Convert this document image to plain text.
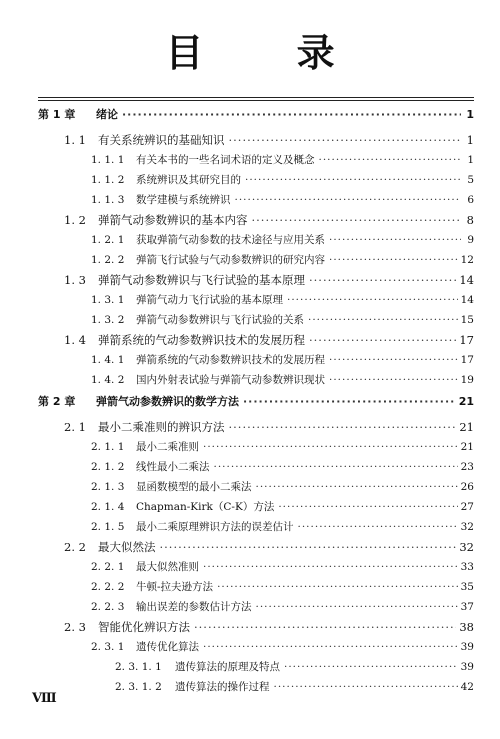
目 录
第 1 章	绪论 ·····	1
1. 1	有关系统辨识的基础知识 ·····	1
1. 1. 1	有关本书的一些名词术语的定义及概念 ·····	1
1. 1. 2	系统辨识及其研究目的 ·····	5
1. 1. 3	数学建模与系统辨识 ·····	6
1. 2	弹箭气动参数辨识的基本内容 ·····	8
1. 2. 1	获取弹箭气动参数的技术途径与应用关系 ·····	9
1. 2. 2	弹箭飞行试验与气动参数辨识的研究内容 ·····	12
1. 3	弹箭气动参数辨识与飞行试验的基本原理 ·····	14
1. 3. 1	弹箭气动力飞行试验的基本原理 ·····	14
1. 3. 2	弹箭气动参数辨识与飞行试验的关系 ·····	15
1. 4	弹箭系统的气动参数辨识技术的发展历程 ·····	17
1. 4. 1	弹箭系统的气动参数辨识技术的发展历程 ·····	17
1. 4. 2	国内外射表试验与弹箭气动参数辨识现状 ·····	19
第 2 章	弹箭气动参数辨识的数学方法 ·····	21
2. 1	最小二乘准则的辨识方法 ·····	21
2. 1. 1	最小二乘准则 ·····	21
2. 1. 2	线性最小二乘法 ·····	23
2. 1. 3	显函数模型的最小二乘法 ·····	26
2. 1. 4	Chapman-Kirk（C-K）方法 ·····	27
2. 1. 5	最小二乘原理辨识方法的误差估计 ·····	32
2. 2	最大似然法 ·····	32
2. 2. 1	最大似然准则 ·····	33
2. 2. 2	牛顿-拉夫逊方法 ·····	35
2. 2. 3	输出误差的参数估计方法 ·····	37
2. 3	智能优化辨识方法 ·····	38
2. 3. 1	遗传优化算法 ·····	39
2. 3. 1. 1	遗传算法的原理及特点 ·····	39
2. 3. 1. 2	遗传算法的操作过程 ·····	42
Ⅷ
